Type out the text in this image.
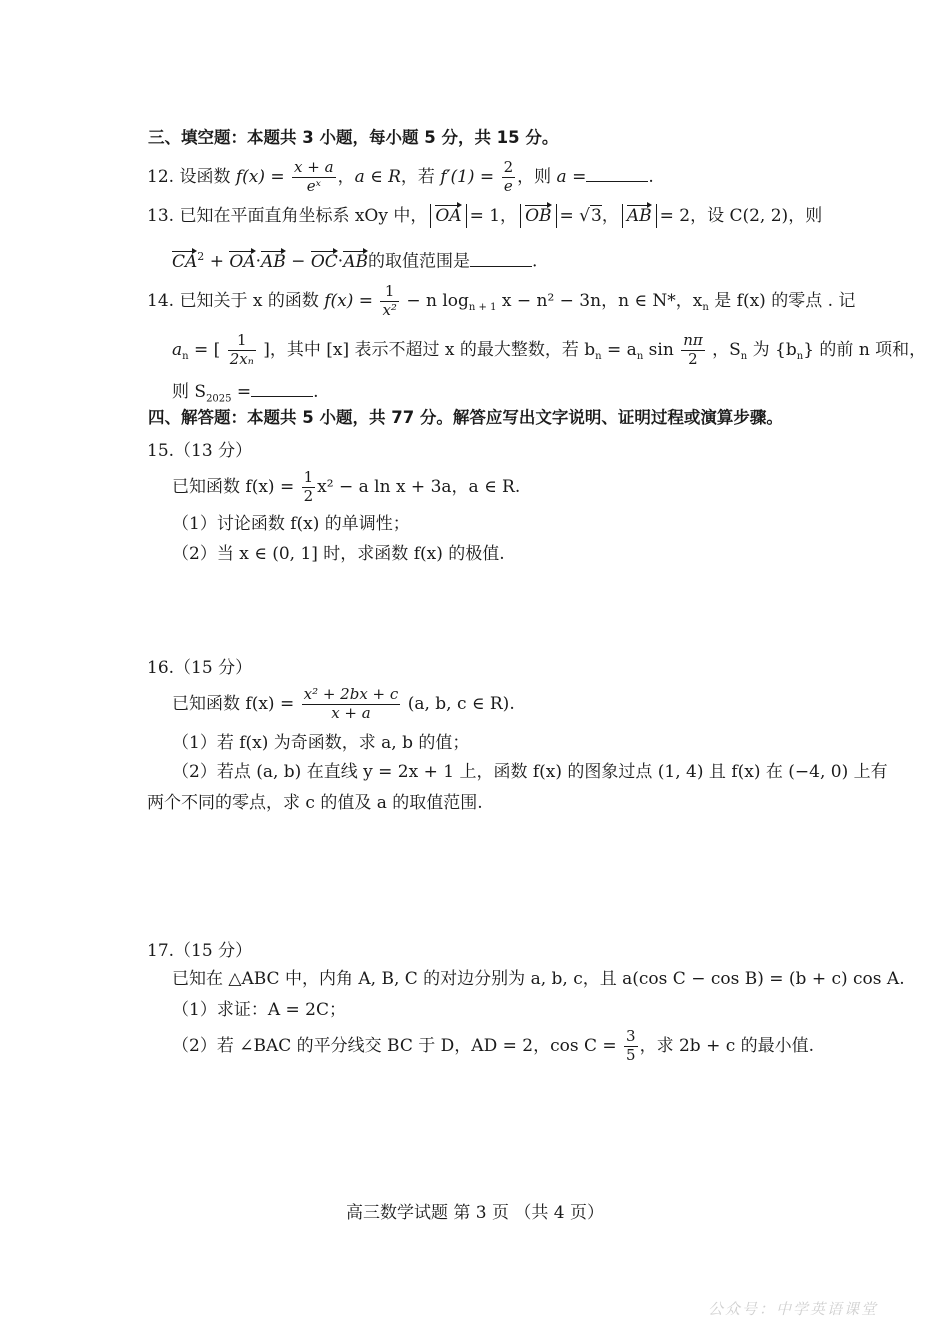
三、填空题：本题共 3 小题，每小题 5 分，共 15 分。
12. 设函数 $f(x) = \frac{x + a}{\text{eˣ}}$ ，a ∈ R，若 $f'(1) = \frac{2}{e}$ ，则 a =	.
13. 已知在平面直角坐标系 xOy 中， OA = 1， OB = √3， AB = 2，设 C(2, 2)，则
$CA^2 + OA\cdot AB - OC\cdot AB$的取值范围是	.
14. 已知关于 x 的函数 $f(x) = \frac{1}{\text{x²}} - n$ $\log_{n + 1} x - n^2 - 3n$，n ∈ N*，$x_n$ 是 f(x) 的零点 . 记
$a_n$ = [ $\frac{1}{\text{2xₙ}}$ ]，其中 [x] 表示不超过 x 的最大整数，若 $b_n = a_n$ $\sin \frac{n\pi}{2}$ ，$S_n$ 为 $\{b_n\}$ 的前 n 项和，
则 $S_{2025}$ =	.
四、解答题：本题共 5 小题，共 77 分。解答应写出文字说明、证明过程或演算步骤。
15.（13 分）
已知函数 $f(x) = \frac{1}{2} x^2 - a$ ln x + 3a，a ∈ R.
（1）讨论函数 f(x) 的单调性；
（2）当 x ∈ (0, 1] 时，求函数 f(x) 的极值.
16.（15 分）
已知函数 $f(x) = \frac{\text{x² + 2bx + c}}{x + a} (a$, b, c ∈ R).
（1）若 f(x) 为奇函数，求 a, b 的值；
（2）若点 (a, b) 在直线 y = 2x + 1 上，函数 f(x) 的图象过点 (1, 4) 且 f(x) 在 (−4, 0) 上有
两个不同的零点，求 c 的值及 a 的取值范围.
17.（15 分）
已知在 △ABC 中，内角 A, B, C 的对边分别为 a, b, c，且 a(cos C − cos B) = (b + c) cos A.
（1）求证：A = 2C；
（2）若 ∠BAC 的平分线交 BC 于 D，AD = 2，$\cos C = \frac{3}{5}$ ，求 2b + c 的最小值.
高三数学试题 第 3 页 （共 4 页）
公众号：中学英语课堂
